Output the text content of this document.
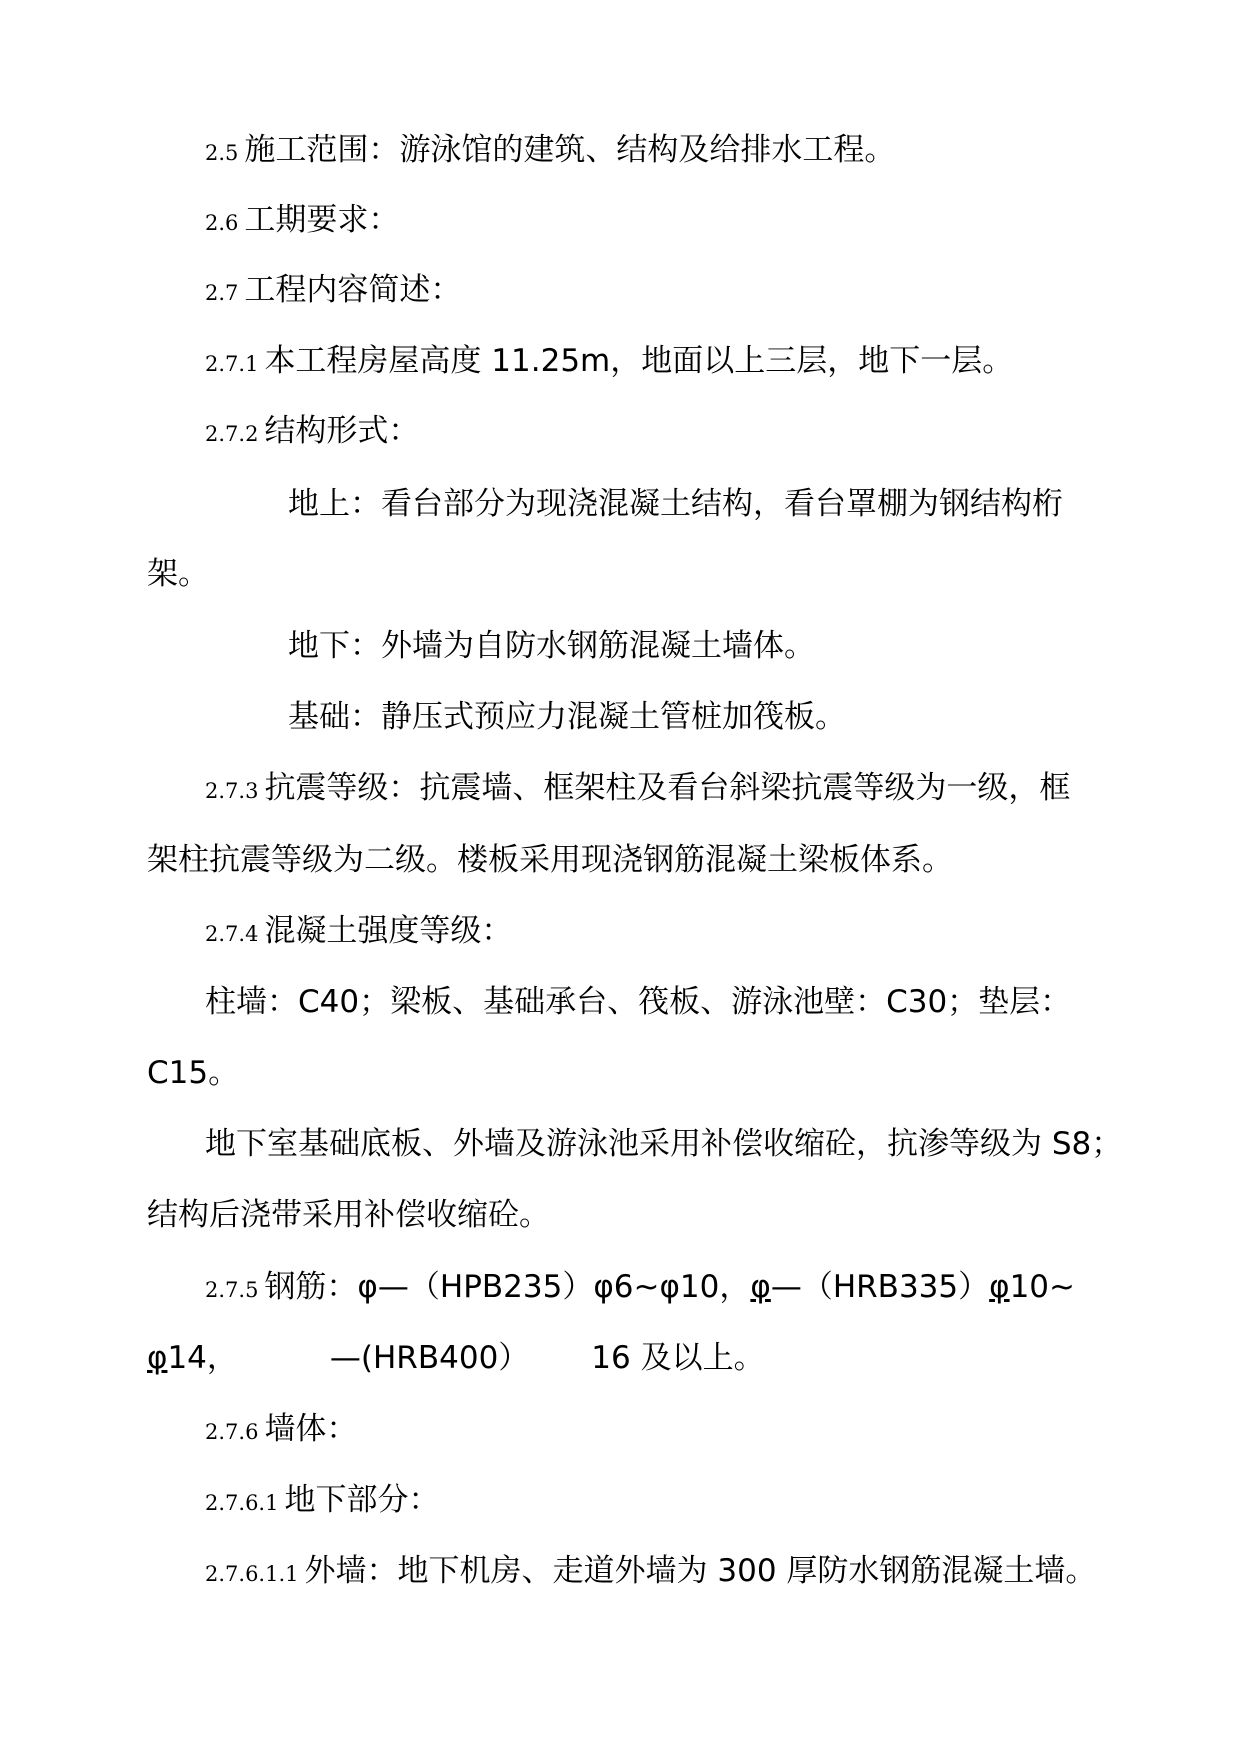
2.5 施工范围：游泳馆的建筑、结构及给排水工程。
2.6 工期要求：
2.7 工程内容简述：
2.7.1 本工程房屋高度 11.25m，地面以上三层，地下一层。
2.7.2 结构形式：
地上：看台部分为现浇混凝土结构，看台罩棚为钢结构桁
架。
地下：外墙为自防水钢筋混凝土墙体。
基础：静压式预应力混凝土管桩加筏板。
2.7.3 抗震等级：抗震墙、框架柱及看台斜梁抗震等级为一级，框
架柱抗震等级为二级。楼板采用现浇钢筋混凝土梁板体系。
2.7.4 混凝土强度等级：
柱墙：C40；梁板、基础承台、筏板、游泳池壁：C30；垫层：
C15。
地下室基础底板、外墙及游泳池采用补偿收缩砼，抗渗等级为 S8；
结构后浇带采用补偿收缩砼。
2.7.5 钢筋：φ—（HPB235）φ6~φ10，φ—（HRB335）φ10~
φ14，	—(HRB400） 16 及以上。
2.7.6 墙体：
2.7.6.1 地下部分：
2.7.6.1.1 外墙：地下机房、走道外墙为 300 厚防水钢筋混凝土墙。
